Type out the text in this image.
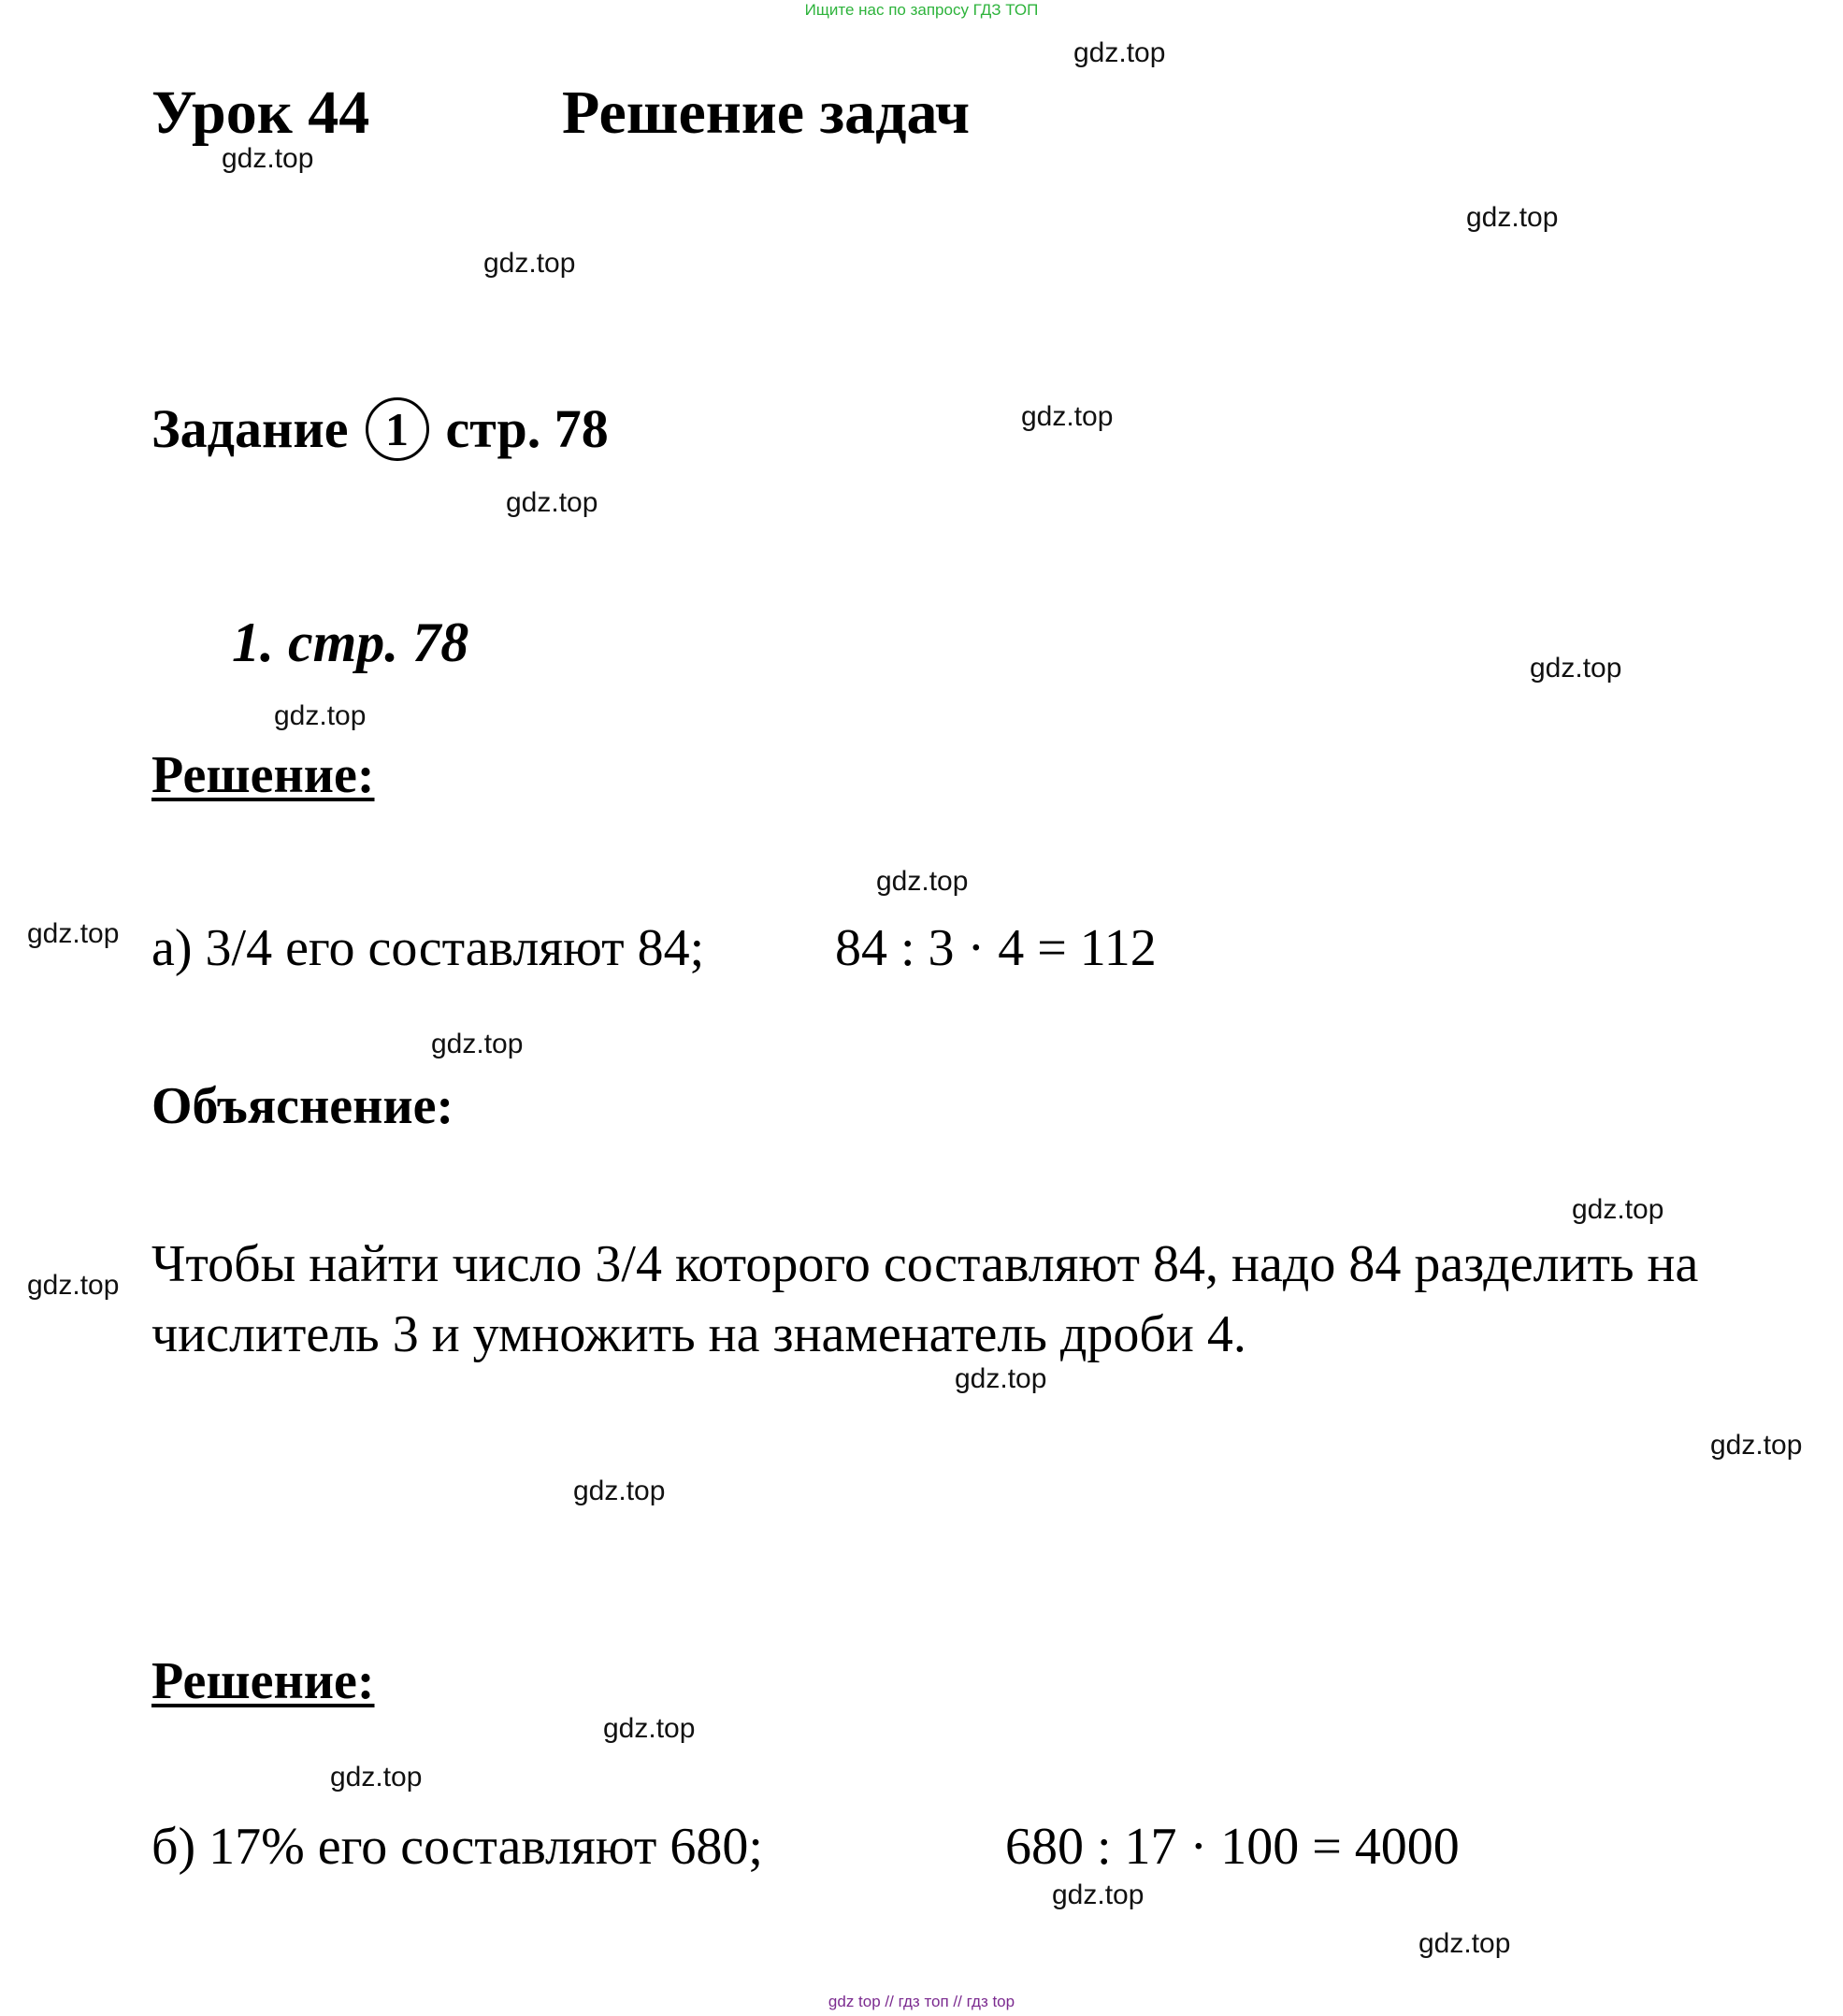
Ищите нас по запросу ГДЗ ТОП
Урок 44	Решение задач
Задание 1 стр. 78
1. стр. 78
Решение:
а) 3/4 его составляют 84; 84 : 3 · 4 = 112
Объяснение:
Чтобы найти число 3/4 которого составляют 84, надо 84 разделить на
числитель 3 и умножить на знаменатель дроби 4.
Решение:
б) 17% его составляют 680;	680 : 17 · 100 = 4000
gdz.top
gdz.top
gdz.top
gdz.top
gdz.top
gdz.top
gdz.top
gdz.top
gdz.top
gdz.top
gdz.top
gdz.top
gdz.top
gdz.top
gdz.top
gdz.top
gdz.top
gdz.top
gdz.top
gdz.top
gdz top // гдз топ // гдз top
